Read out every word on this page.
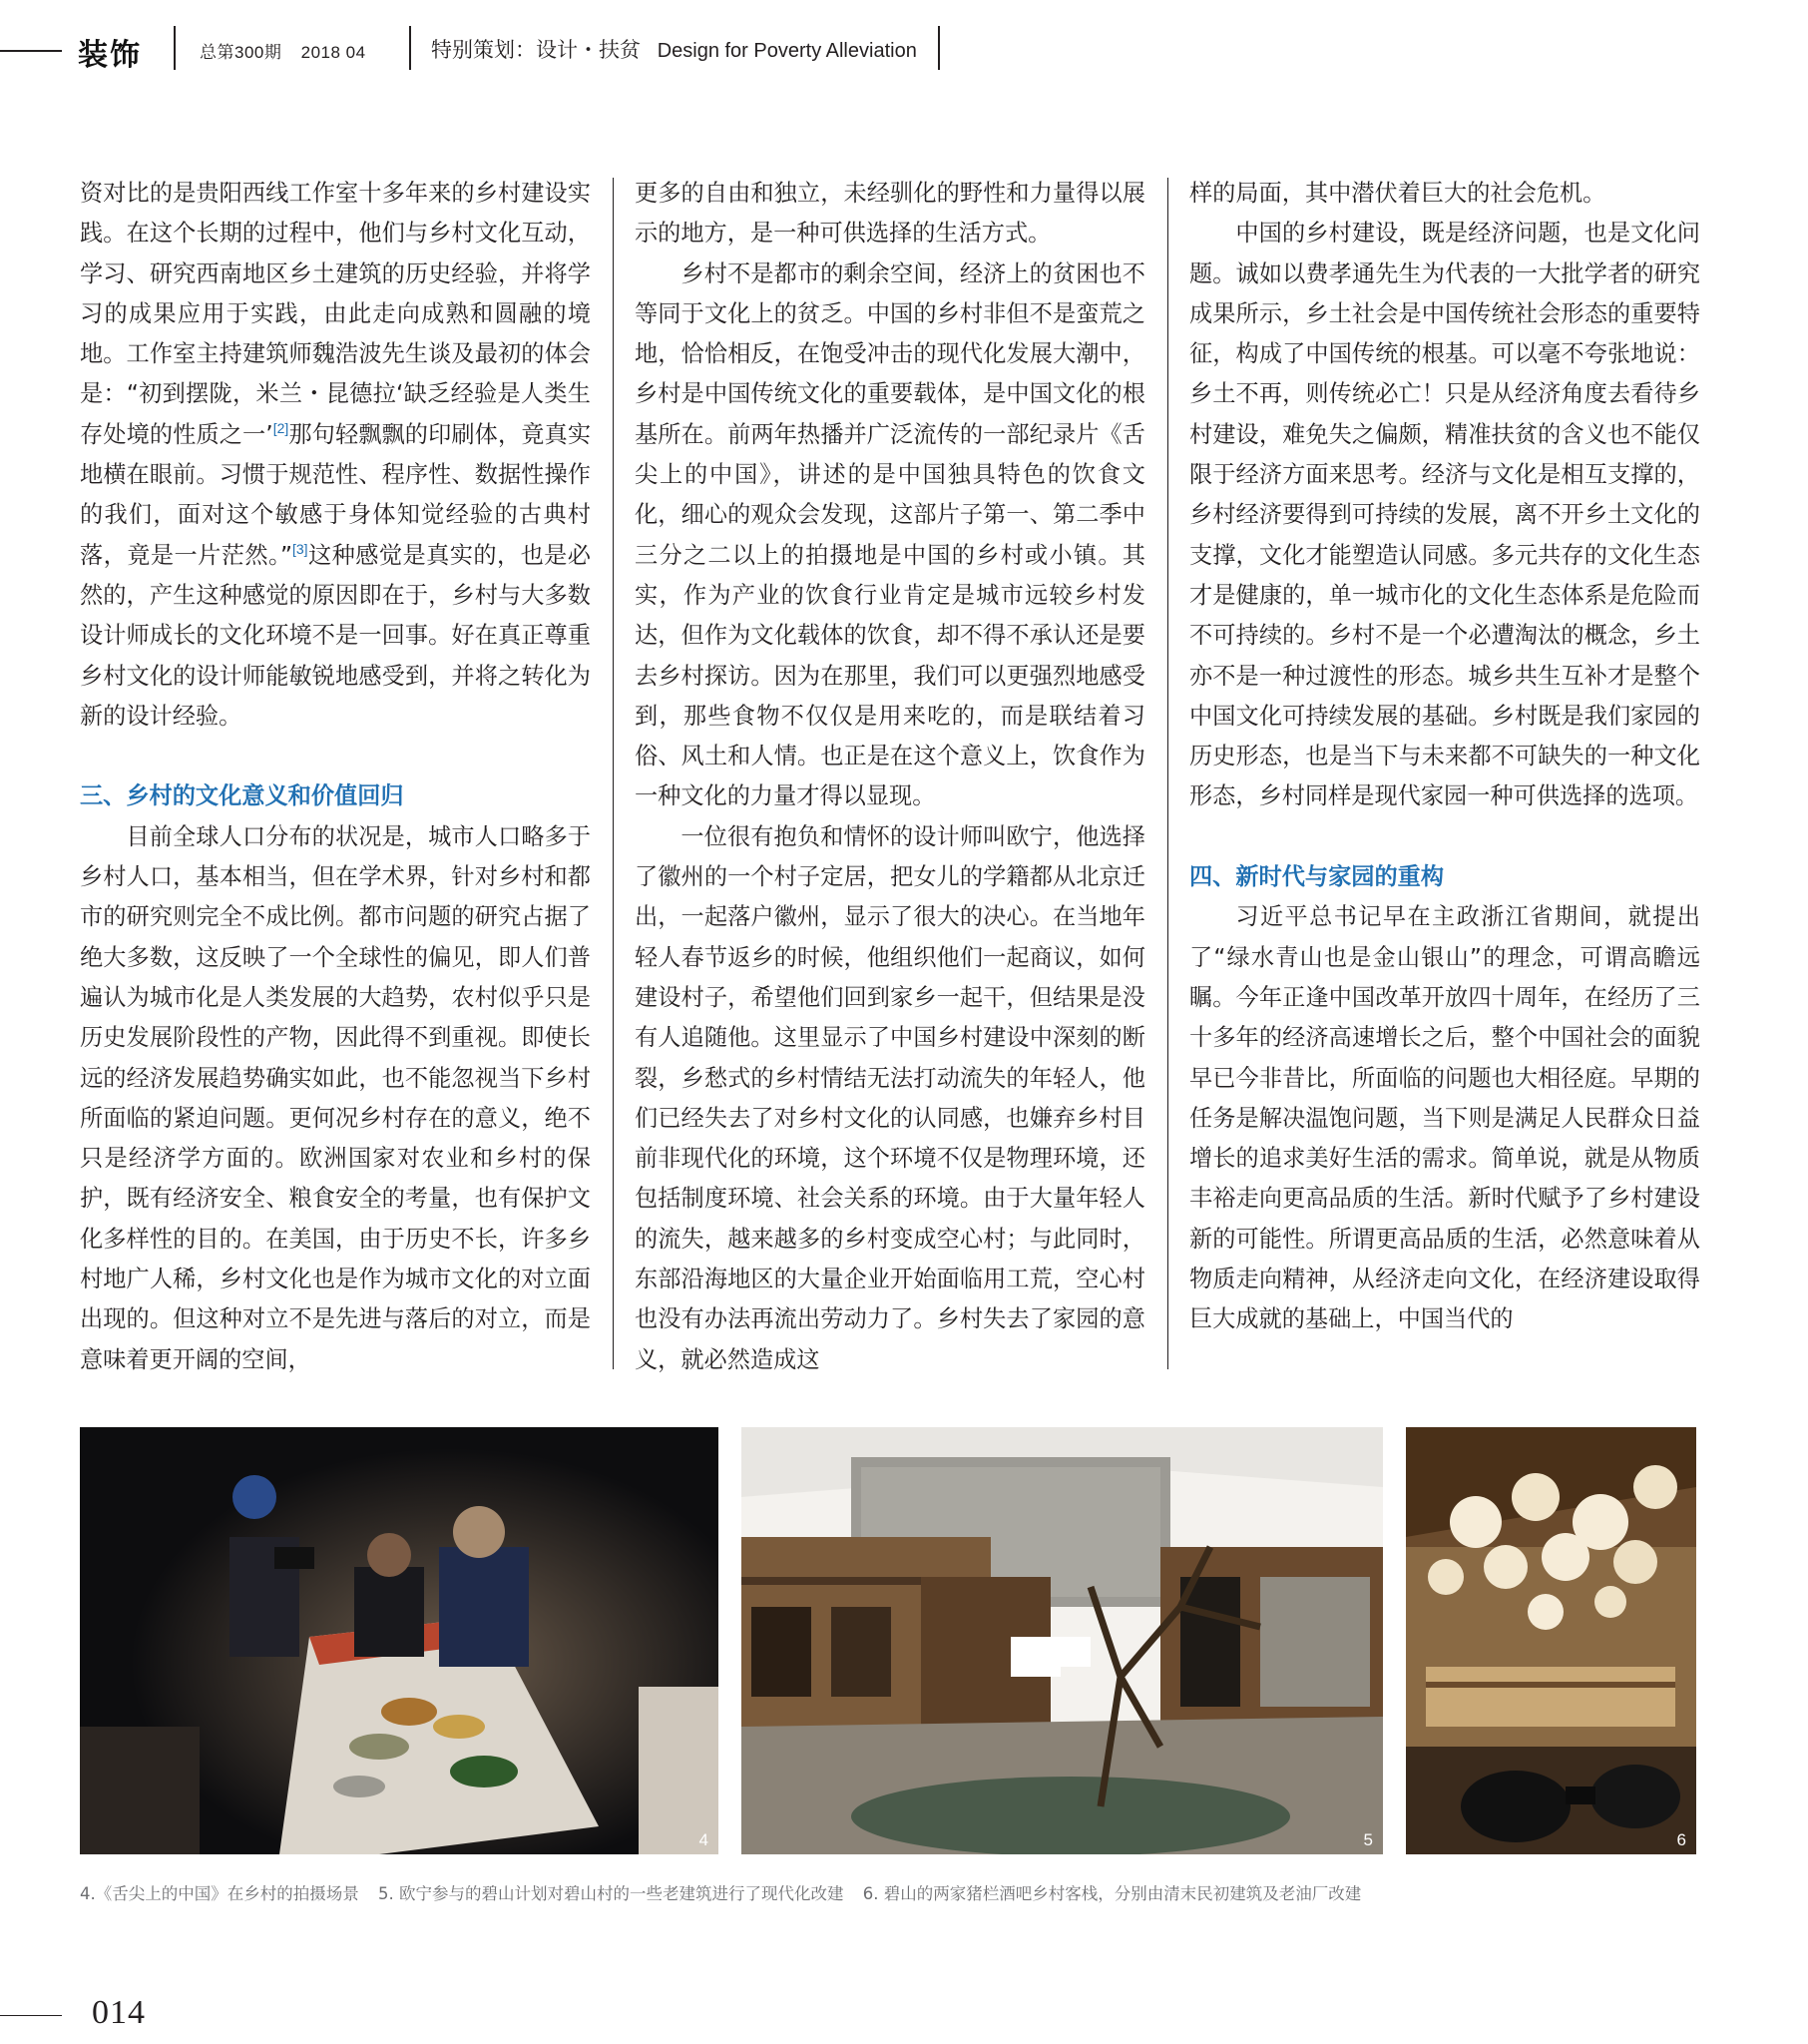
装饰	总第300期 2018 04	特别策划：设计・扶贫 Design for Poverty Alleviation

资对比的是贵阳西线工作室十多年来的乡村建设实践。在这个长期的过程中，他们与乡村文化互动，学习、研究西南地区乡土建筑的历史经验，并将学习的成果应用于实践，由此走向成熟和圆融的境地。工作室主持建筑师魏浩波先生谈及最初的体会是：“初到摆陇，米兰・昆德拉‘缺乏经验是人类生存处境的性质之一’[2]那句轻飘飘的印刷体，竟真实地横在眼前。习惯于规范性、程序性、数据性操作的我们，面对这个敏感于身体知觉经验的古典村落，竟是一片茫然。”[3]这种感觉是真实的，也是必然的，产生这种感觉的原因即在于，乡村与大多数设计师成长的文化环境不是一回事。好在真正尊重乡村文化的设计师能敏锐地感受到，并将之转化为新的设计经验。

三、乡村的文化意义和价值回归

目前全球人口分布的状况是，城市人口略多于乡村人口，基本相当，但在学术界，针对乡村和都市的研究则完全不成比例。都市问题的研究占据了绝大多数，这反映了一个全球性的偏见，即人们普遍认为城市化是人类发展的大趋势，农村似乎只是历史发展阶段性的产物，因此得不到重视。即使长远的经济发展趋势确实如此，也不能忽视当下乡村所面临的紧迫问题。更何况乡村存在的意义，绝不只是经济学方面的。欧洲国家对农业和乡村的保护，既有经济安全、粮食安全的考量，也有保护文化多样性的目的。在美国，由于历史不长，许多乡村地广人稀，乡村文化也是作为城市文化的对立面出现的。但这种对立不是先进与落后的对立，而是意味着更开阔的空间，

更多的自由和独立，未经驯化的野性和力量得以展示的地方，是一种可供选择的生活方式。

乡村不是都市的剩余空间，经济上的贫困也不等同于文化上的贫乏。中国的乡村非但不是蛮荒之地，恰恰相反，在饱受冲击的现代化发展大潮中，乡村是中国传统文化的重要载体，是中国文化的根基所在。前两年热播并广泛流传的一部纪录片《舌尖上的中国》，讲述的是中国独具特色的饮食文化，细心的观众会发现，这部片子第一、第二季中三分之二以上的拍摄地是中国的乡村或小镇。其实，作为产业的饮食行业肯定是城市远较乡村发达，但作为文化载体的饮食，却不得不承认还是要去乡村探访。因为在那里，我们可以更强烈地感受到，那些食物不仅仅是用来吃的，而是联结着习俗、风土和人情。也正是在这个意义上，饮食作为一种文化的力量才得以显现。

一位很有抱负和情怀的设计师叫欧宁，他选择了徽州的一个村子定居，把女儿的学籍都从北京迁出，一起落户徽州，显示了很大的决心。在当地年轻人春节返乡的时候，他组织他们一起商议，如何建设村子，希望他们回到家乡一起干，但结果是没有人追随他。这里显示了中国乡村建设中深刻的断裂，乡愁式的乡村情结无法打动流失的年轻人，他们已经失去了对乡村文化的认同感，也嫌弃乡村目前非现代化的环境，这个环境不仅是物理环境，还包括制度环境、社会关系的环境。由于大量年轻人的流失，越来越多的乡村变成空心村；与此同时，东部沿海地区的大量企业开始面临用工荒，空心村也没有办法再流出劳动力了。乡村失去了家园的意义，就必然造成这

样的局面，其中潜伏着巨大的社会危机。

中国的乡村建设，既是经济问题，也是文化问题。诚如以费孝通先生为代表的一大批学者的研究成果所示，乡土社会是中国传统社会形态的重要特征，构成了中国传统的根基。可以毫不夸张地说：乡土不再，则传统必亡！只是从经济角度去看待乡村建设，难免失之偏颇，精准扶贫的含义也不能仅限于经济方面来思考。经济与文化是相互支撑的，乡村经济要得到可持续的发展，离不开乡土文化的支撑，文化才能塑造认同感。多元共存的文化生态才是健康的，单一城市化的文化生态体系是危险而不可持续的。乡村不是一个必遭淘汰的概念，乡土亦不是一种过渡性的形态。城乡共生互补才是整个中国文化可持续发展的基础。乡村既是我们家园的历史形态，也是当下与未来都不可缺失的一种文化形态，乡村同样是现代家园一种可供选择的选项。

四、新时代与家园的重构

习近平总书记早在主政浙江省期间，就提出了“绿水青山也是金山银山”的理念，可谓高瞻远瞩。今年正逢中国改革开放四十周年，在经历了三十多年的经济高速增长之后，整个中国社会的面貌早已今非昔比，所面临的问题也大相径庭。早期的任务是解决温饱问题，当下则是满足人民群众日益增长的追求美好生活的需求。简单说，就是从物质丰裕走向更高品质的生活。新时代赋予了乡村建设新的可能性。所谓更高品质的生活，必然意味着从物质走向精神，从经济走向文化，在经济建设取得巨大成就的基础上，中国当代的

4	5	6
4.《舌尖上的中国》在乡村的拍摄场景 5. 欧宁参与的碧山计划对碧山村的一些老建筑进行了现代化改建 6. 碧山的两家猪栏酒吧乡村客栈，分别由清末民初建筑及老油厂改建
014
